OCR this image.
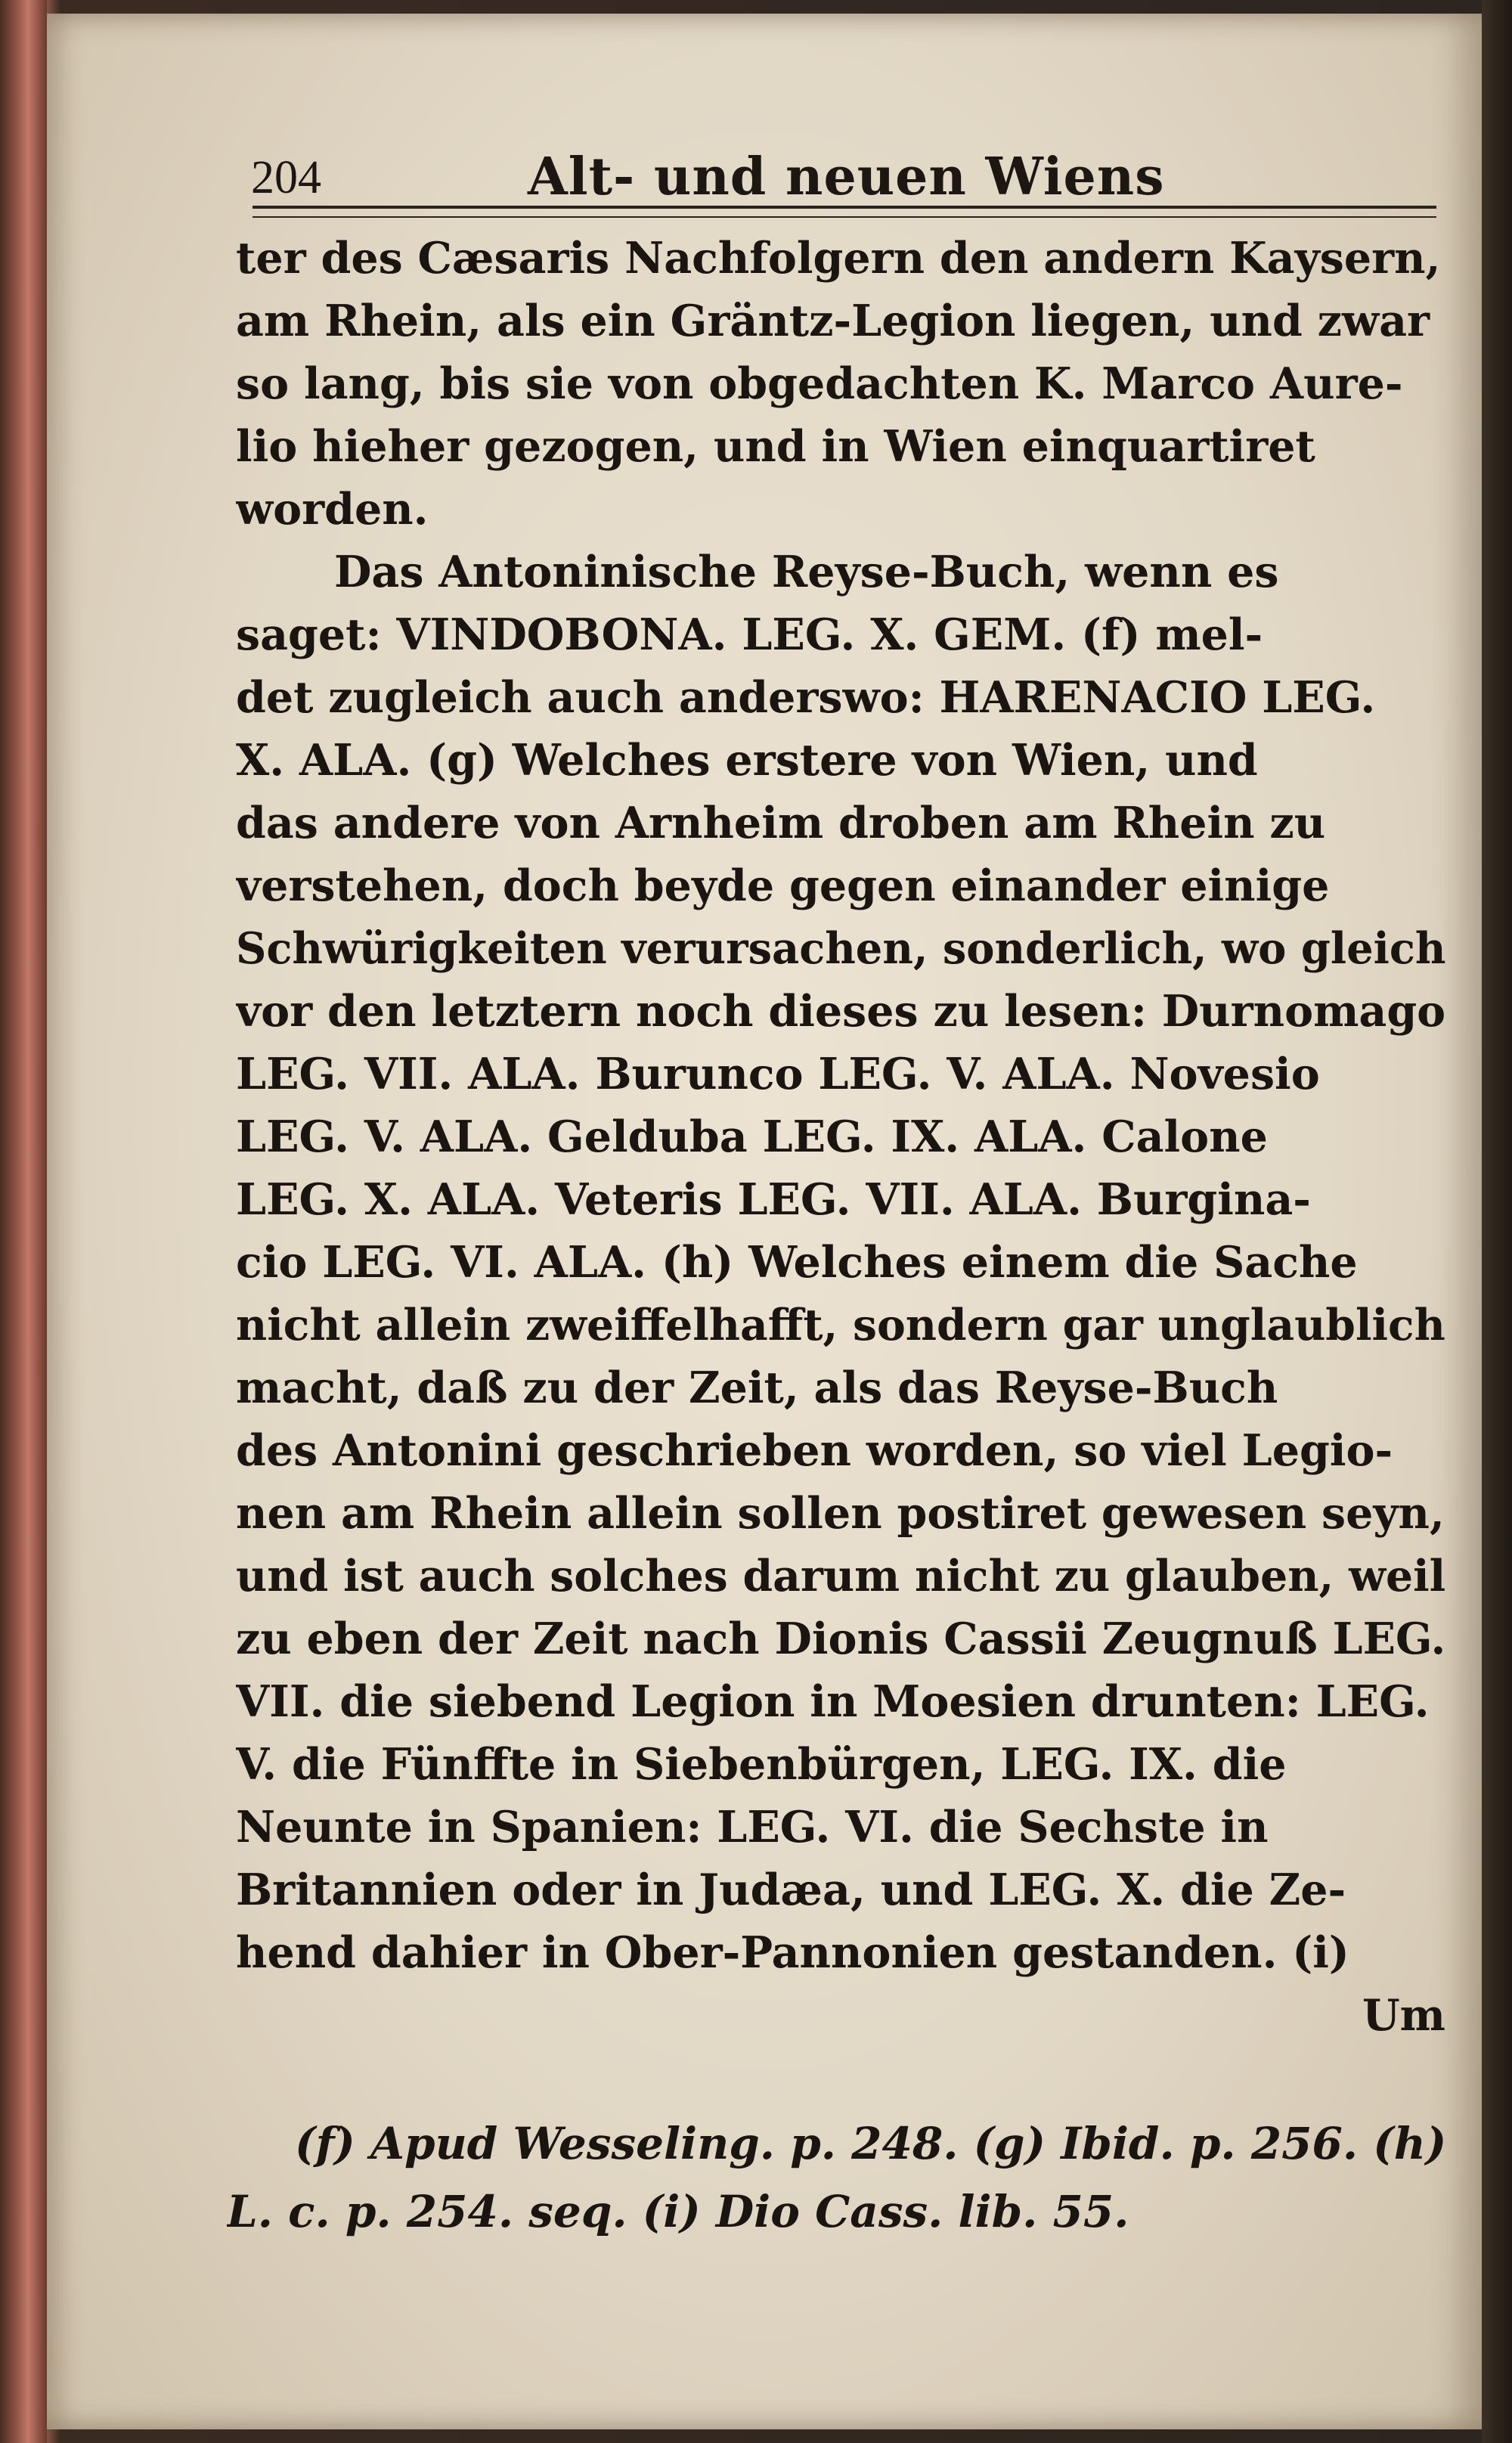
204	Alt- und neuen Wiens
ter des Cæsaris Nachfolgern den andern Kaysern,
am Rhein, als ein Gräntz-Legion liegen, und zwar
so lang, bis sie von obgedachten K. Marco Aure-
lio hieher gezogen, und in Wien einquartiret
worden.
Das Antoninische Reyse-Buch, wenn es
saget: VINDOBONA. LEG. X. GEM. (f) mel-
det zugleich auch anderswo: HARENACIO LEG.
X. ALA. (g) Welches erstere von Wien, und
das andere von Arnheim droben am Rhein zu
verstehen, doch beyde gegen einander einige
Schwürigkeiten verursachen, sonderlich, wo gleich
vor den letztern noch dieses zu lesen: Durnomago
LEG. VII. ALA. Burunco LEG. V. ALA. Novesio
LEG. V. ALA. Gelduba LEG. IX. ALA. Calone
LEG. X. ALA. Veteris LEG. VII. ALA. Burgina-
cio LEG. VI. ALA. (h) Welches einem die Sache
nicht allein zweiffelhafft, sondern gar unglaublich
macht, daß zu der Zeit, als das Reyse-Buch
des Antonini geschrieben worden, so viel Legio-
nen am Rhein allein sollen postiret gewesen seyn,
und ist auch solches darum nicht zu glauben, weil
zu eben der Zeit nach Dionis Cassii Zeugnuß LEG.
VII. die siebend Legion in Moesien drunten: LEG.
V. die Fünffte in Siebenbürgen, LEG. IX. die
Neunte in Spanien: LEG. VI. die Sechste in
Britannien oder in Judæa, und LEG. X. die Ze-
hend dahier in Ober-Pannonien gestanden. (i)
Um
(f) Apud Wesseling. p. 248. (g) Ibid. p. 256. (h)
L. c. p. 254. seq. (i) Dio Cass. lib. 55.
